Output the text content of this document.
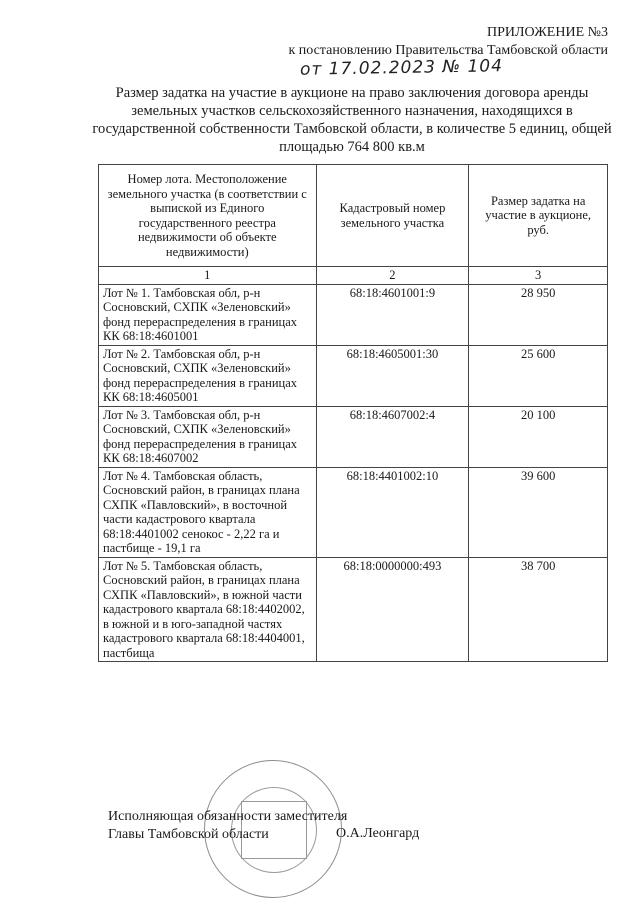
ПРИЛОЖЕНИЕ №3
к постановлению Правительства Тамбовской области
от 17.02.2023 № 104
Размер задатка на участие в аукционе на право заключения договора аренды земельных участков сельскохозяйственного назначения, находящихся в государственной собственности Тамбовской области, в количестве 5 единиц, общей площадью 764 800 кв.м
Номер лота. Местоположение земельного участка (в соответствии с выпиской из Единого государственного реестра недвижимости об объекте недвижимости)	Кадастровый номер земельного участка	Размер задатка на участие в аукционе, руб.
1	2	3
Лот № 1. Тамбовская обл, р-н Сосновский, СХПК «Зеленовский» фонд перераспределения в границах КК 68:18:4601001	68:18:4601001:9	28 950
Лот № 2. Тамбовская обл, р-н Сосновский, СХПК «Зеленовский» фонд перераспределения в границах КК 68:18:4605001	68:18:4605001:30	25 600
Лот № 3. Тамбовская обл, р-н Сосновский, СХПК «Зеленовский» фонд перераспределения в границах КК 68:18:4607002	68:18:4607002:4	20 100
Лот № 4. Тамбовская область, Сосновский район, в границах плана СХПК «Павловский», в восточной части кадастрового квартала 68:18:4401002 сенокос - 2,22 га и пастбище - 19,1 га	68:18:4401002:10	39 600
Лот № 5. Тамбовская область, Сосновский район, в границах плана СХПК «Павловский», в южной части кадастрового квартала 68:18:4402002, в южной и в юго-западной частях кадастрового квартала 68:18:4404001, пастбища	68:18:0000000:493	38 700
Исполняющая обязанности заместителя
Главы Тамбовской области	О.А.Леонгард
